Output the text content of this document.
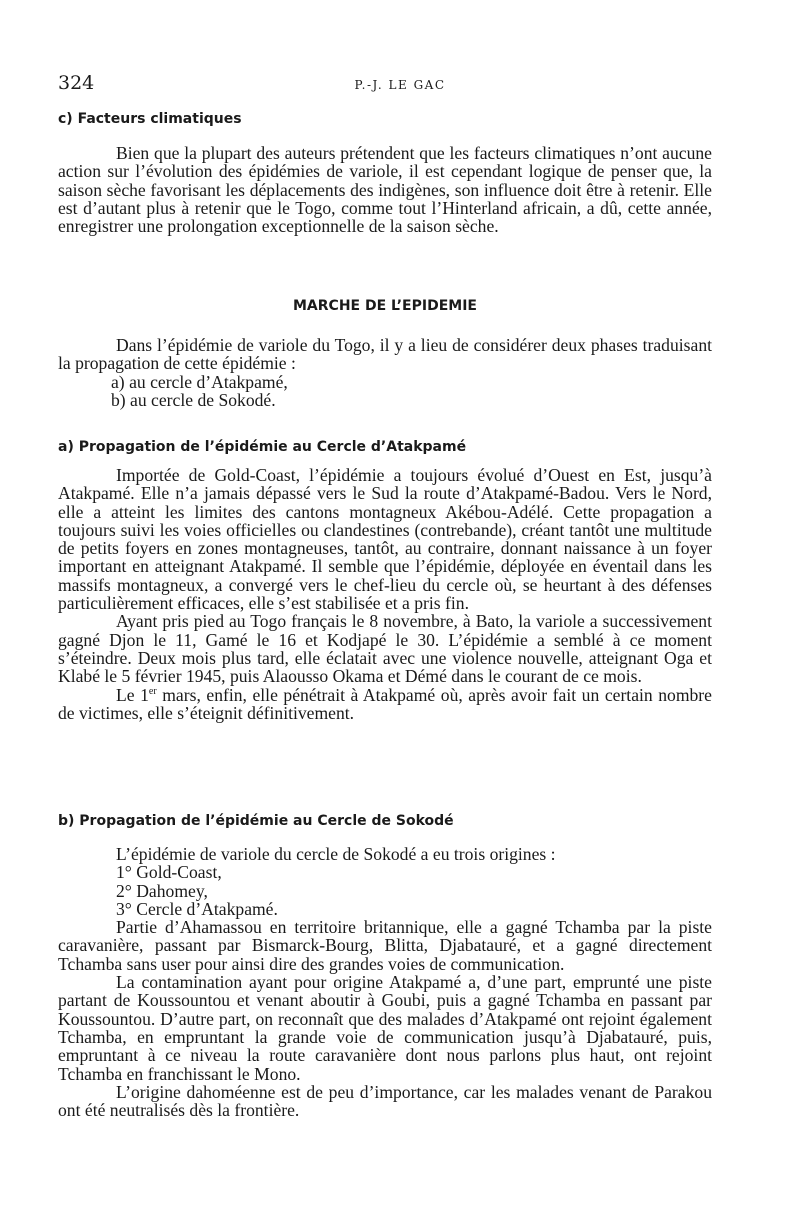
324	P.-J. LE GAC

c) Facteurs climatiques

Bien que la plupart des auteurs prétendent que les facteurs climatiques n’ont aucune action sur l’évolution des épidémies de variole, il est cependant logique de penser que, la saison sèche favorisant les déplacements des indigènes, son influence doit être à retenir. Elle est d’autant plus à retenir que le Togo, comme tout l’Hinterland africain, a dû, cette année, enregistrer une prolongation exceptionnelle de la saison sèche.

MARCHE DE L’EPIDEMIE

Dans l’épidémie de variole du Togo, il y a lieu de considérer deux phases traduisant la propagation de cette épidémie :

a) au cercle d’Atakpamé,

b) au cercle de Sokodé.

a) Propagation de l’épidémie au Cercle d’Atakpamé

Importée de Gold-Coast, l’épidémie a toujours évolué d’Ouest en Est, jusqu’à Atakpamé. Elle n’a jamais dépassé vers le Sud la route d’Atakpamé-Badou. Vers le Nord, elle a atteint les limites des cantons montagneux Akébou-Adélé. Cette propagation a toujours suivi les voies officielles ou clandestines (contrebande), créant tantôt une multitude de petits foyers en zones montagneuses, tantôt, au contraire, donnant naissance à un foyer important en atteignant Atakpamé. Il semble que l’épidémie, déployée en éventail dans les massifs montagneux, a convergé vers le chef-lieu du cercle où, se heurtant à des défenses particulièrement efficaces, elle s’est stabilisée et a pris fin.

Ayant pris pied au Togo français le 8 novembre, à Bato, la variole a successivement gagné Djon le 11, Gamé le 16 et Kodjapé le 30. L’épidémie a semblé à ce moment s’éteindre. Deux mois plus tard, elle éclatait avec une violence nouvelle, atteignant Oga et Klabé le 5 février 1945, puis Alaousso Okama et Démé dans le courant de ce mois.

Le 1er mars, enfin, elle pénétrait à Atakpamé où, après avoir fait un certain nombre de victimes, elle s’éteignit définitivement.

b) Propagation de l’épidémie au Cercle de Sokodé

L’épidémie de variole du cercle de Sokodé a eu trois origines :

1° Gold-Coast,

2° Dahomey,

3° Cercle d’Atakpamé.

Partie d’Ahamassou en territoire britannique, elle a gagné Tchamba par la piste caravanière, passant par Bismarck-Bourg, Blitta, Djabatauré, et a gagné directement Tchamba sans user pour ainsi dire des grandes voies de communication.

La contamination ayant pour origine Atakpamé a, d’une part, emprunté une piste partant de Koussountou et venant aboutir à Goubi, puis a gagné Tchamba en passant par Koussountou. D’autre part, on reconnaît que des malades d’Atakpamé ont rejoint également Tchamba, en empruntant la grande voie de communication jusqu’à Djabatauré, puis, empruntant à ce niveau la route caravanière dont nous parlons plus haut, ont rejoint Tchamba en franchissant le Mono.

L’origine dahoméenne est de peu d’importance, car les malades venant de Parakou ont été neutralisés dès la frontière.
